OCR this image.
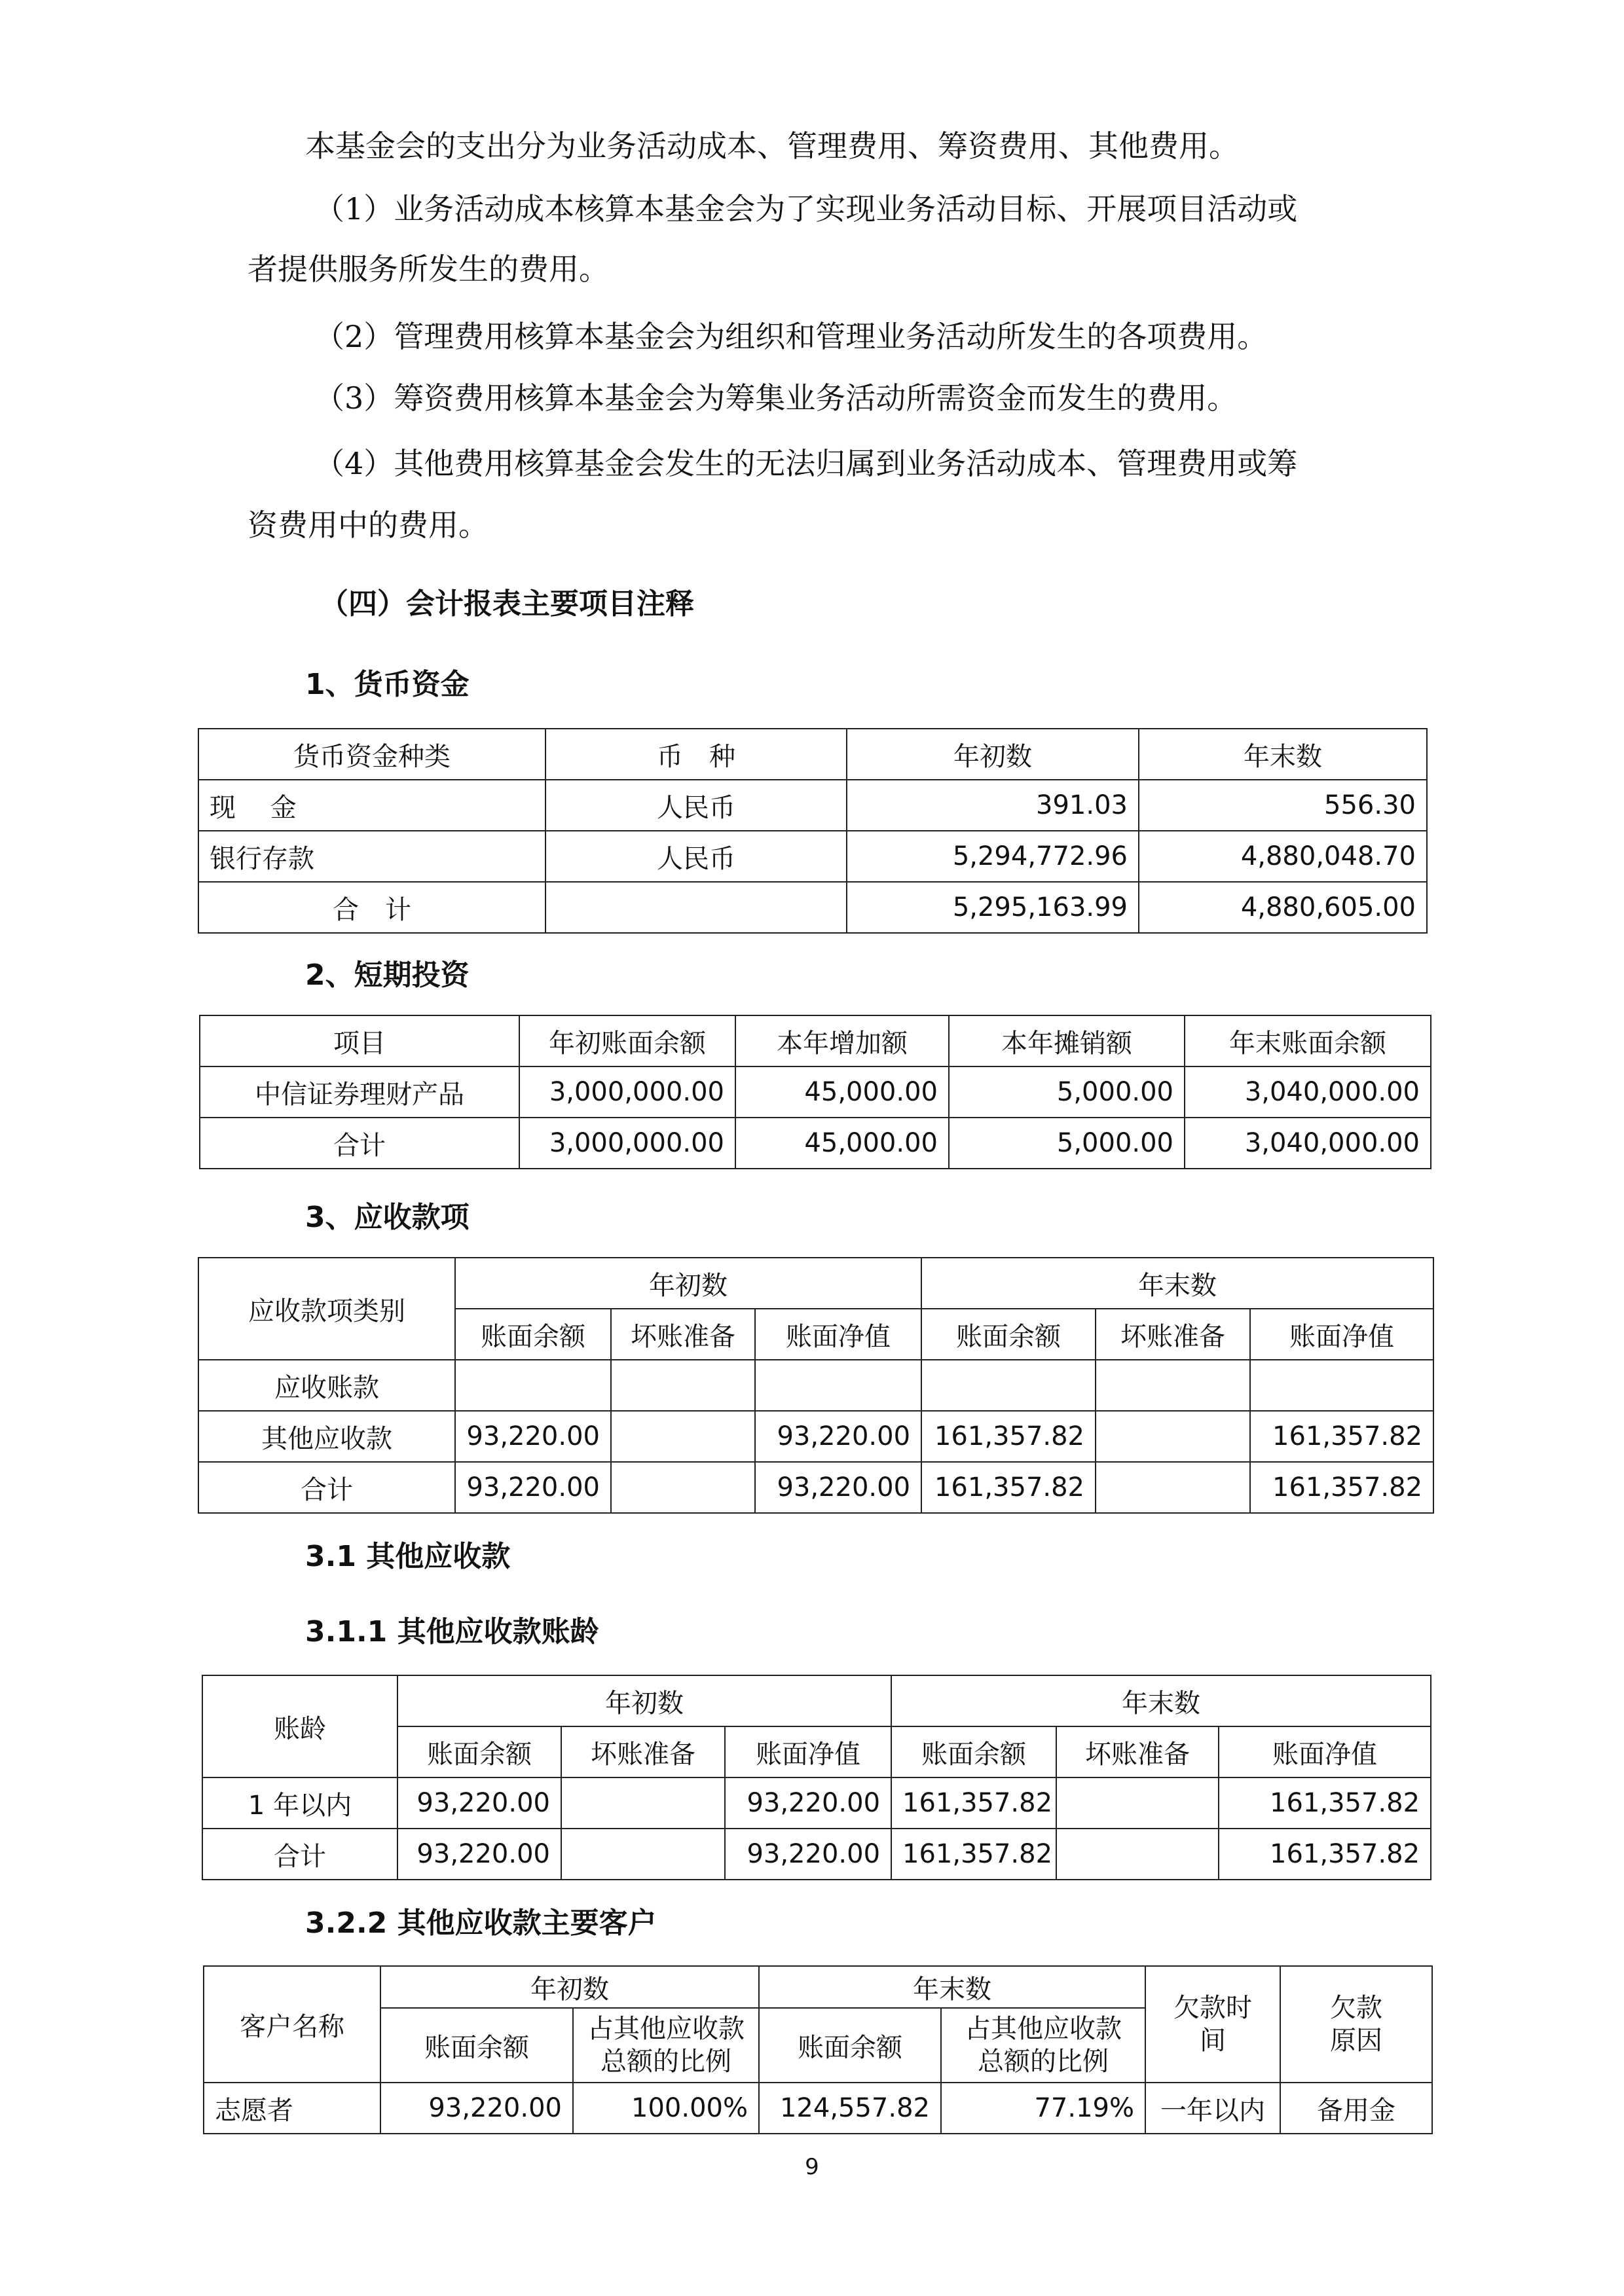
本基金会的支出分为业务活动成本、管理费用、筹资费用、其他费用。
（1）业务活动成本核算本基金会为了实现业务活动目标、开展项目活动或
者提供服务所发生的费用。
（2）管理费用核算本基金会为组织和管理业务活动所发生的各项费用。
（3）筹资费用核算本基金会为筹集业务活动所需资金而发生的费用。
（4）其他费用核算基金会发生的无法归属到业务活动成本、管理费用或筹
资费用中的费用。
（四）会计报表主要项目注释
1、货币资金
货币资金种类	币　种	年初数	年末数
现　 金	人民币	391.03	556.30
银行存款	人民币	5,294,772.96	4,880,048.70
合　计		5,295,163.99	4,880,605.00
2、短期投资
项目	年初账面余额	本年增加额	本年摊销额	年末账面余额
中信证券理财产品	3,000,000.00	45,000.00	5,000.00	3,040,000.00
合计	3,000,000.00	45,000.00	5,000.00	3,040,000.00
3、应收款项
应收款项类别	年初数			年末数		
	账面余额	坏账准备	账面净值	账面余额	坏账准备	账面净值
应收账款						
其他应收款	93,220.00		93,220.00	161,357.82		161,357.82
合计	93,220.00		93,220.00	161,357.82		161,357.82
3.1 其他应收款
3.1.1 其他应收款账龄
账龄	年初数			年末数		
	账面余额	坏账准备	账面净值	账面余额	坏账准备	账面净值
1 年以内	93,220.00		93,220.00	161,357.82		161,357.82
合计	93,220.00		93,220.00	161,357.82		161,357.82
3.2.2 其他应收款主要客户
客户名称	年初数		年末数		欠款时间	欠款原因
	账面余额	占其他应收款总额的比例	账面余额	占其他应收款总额的比例		
志愿者	93,220.00	100.00%	124,557.82	77.19%	一年以内	备用金
9
